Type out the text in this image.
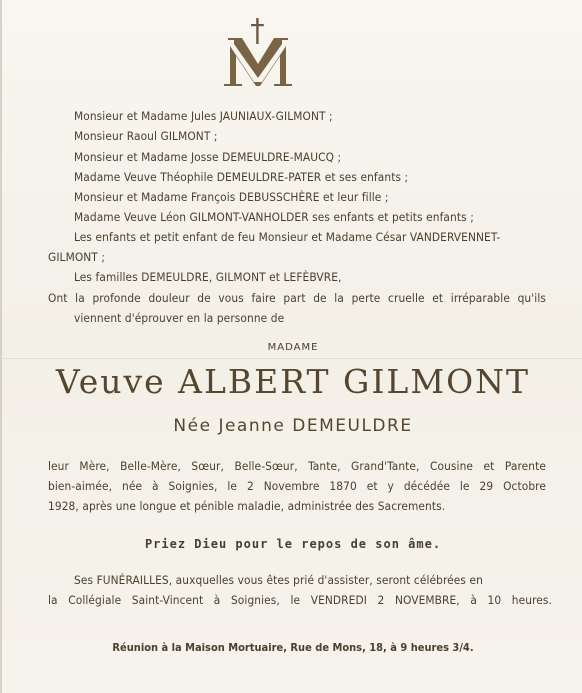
Monsieur et Madame Jules JAUNIAUX-GILMONT ;
Monsieur Raoul GILMONT ;
Monsieur et Madame Josse DEMEULDRE-MAUCQ ;
Madame Veuve Théophile DEMEULDRE-PATER et ses enfants ;
Monsieur et Madame François DEBUSSCHÈRE et leur fille ;
Madame Veuve Léon GILMONT-VANHOLDER ses enfants et petits enfants ;
Les enfants et petit enfant de feu Monsieur et Madame César VANDERVENNET-
GILMONT ;
Les familles DEMEULDRE, GILMONT et LEFÈBVRE,
Ont la profonde douleur de vous faire part de la perte cruelle et irréparable qu'ils
viennent d'éprouver en la personne de
MADAME
Veuve ALBERT GILMONT
Née Jeanne DEMEULDRE
leur Mère, Belle-Mère, Sœur, Belle-Sœur, Tante, Grand'Tante, Cousine et Parente
bien-aimée, née à Soignies, le 2 Novembre 1870 et y décédée le 29 Octobre
1928, après une longue et pénible maladie, administrée des Sacrements.
Priez Dieu pour le repos de son âme.
Ses FUNÉRAILLES, auxquelles vous êtes prié d'assister, seront célébrées en
la Collégiale Saint-Vincent à Soignies, le VENDREDI 2 NOVEMBRE, à 10 heures.
Réunion à la Maison Mortuaire, Rue de Mons, 18, à 9 heures 3/4.
